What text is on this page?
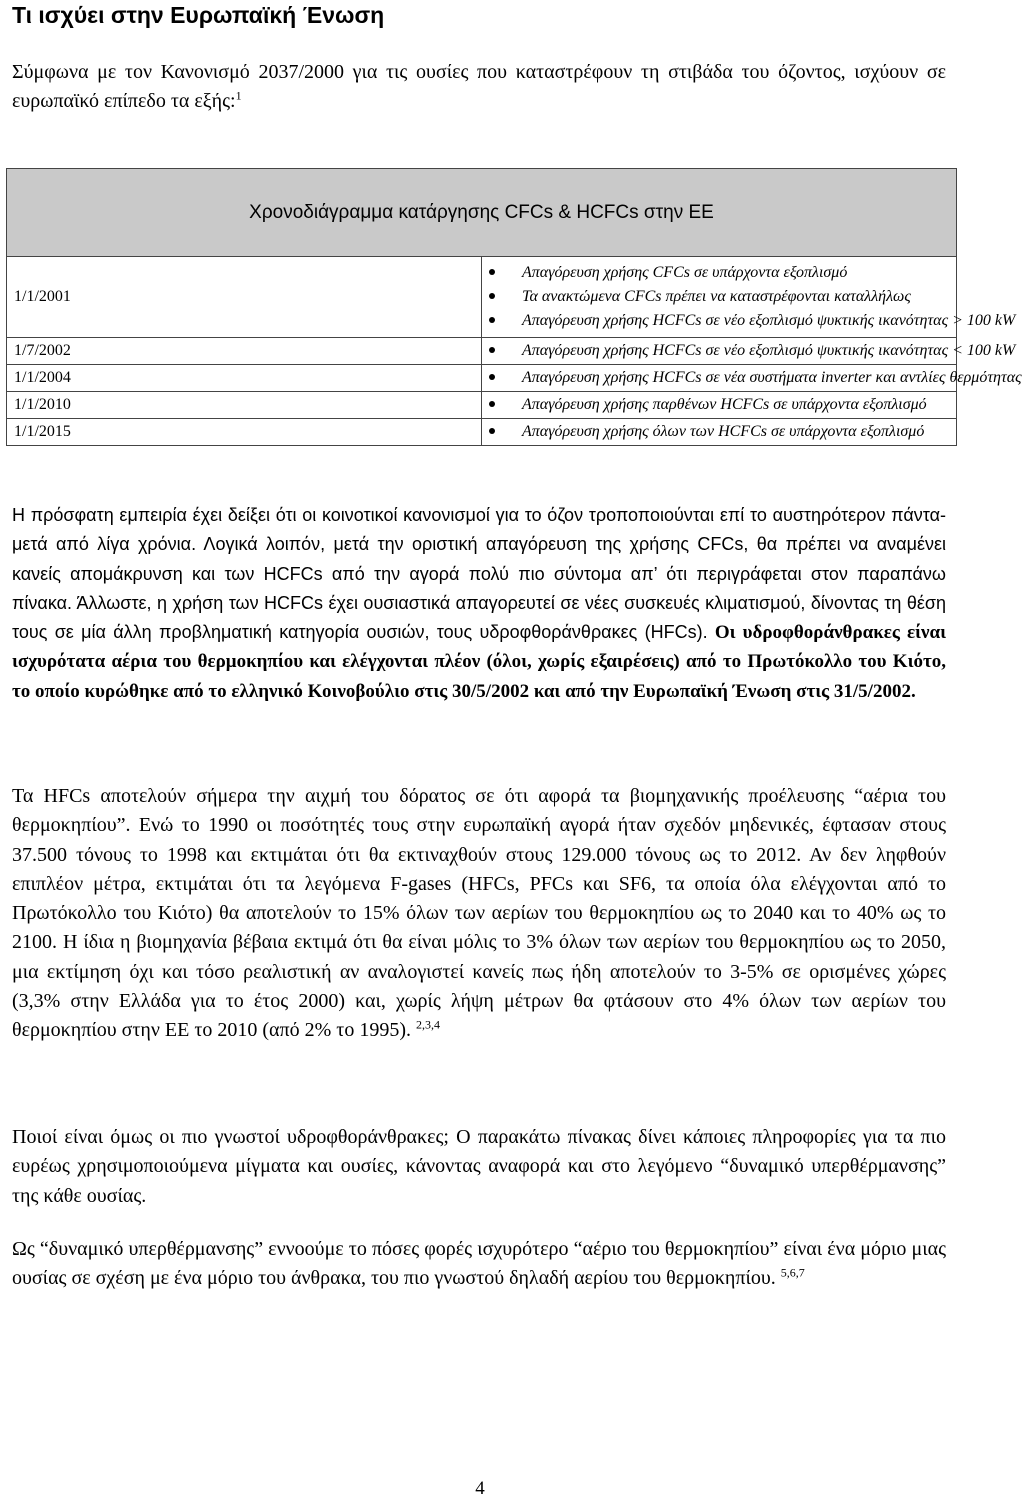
Τι ισχύει στην Ευρωπαϊκή Ένωση

Σύμφωνα με τον Κανονισμό 2037/2000 για τις ουσίες που καταστρέφουν τη στιβάδα του όζοντος, ισχύουν σε ευρωπαϊκό επίπεδο τα εξής:$^1$

Χρονοδιάγραμμα κατάργησης CFCs & HCFCs στην ΕΕ	
1/1/2001	Απαγόρευση χρήσης CFCs σε υπάρχοντα εξοπλισμό
Τα ανακτώμενα CFCs πρέπει να καταστρέφονται καταλλήλως
Απαγόρευση χρήσης HCFCs σε νέο εξοπλισμό ψυκτικής ικανότητας > 100 kW

1/7/2002	Απαγόρευση χρήσης HCFCs σε νέο εξοπλισμό ψυκτικής ικανότητας < 100 kW

1/1/2004	Απαγόρευση χρήσης HCFCs σε νέα συστήματα inverter και αντλίες θερμότητας

1/1/2010	Απαγόρευση χρήσης παρθένων HCFCs σε υπάρχοντα εξοπλισμό

1/1/2015	Απαγόρευση χρήσης όλων των HCFCs σε υπάρχοντα εξοπλισμό

Η πρόσφατη εμπειρία έχει δείξει ότι οι κοινοτικοί κανονισμοί για το όζον τροποποιούνται επί το αυστηρότερον πάντα- μετά από λίγα χρόνια. Λογικά λοιπόν, μετά την οριστική απαγόρευση της χρήσης CFCs, θα πρέπει να αναμένει κανείς απομάκρυνση και των HCFCs από την αγορά πολύ πιο σύντομα απ’ ότι περιγράφεται στον παραπάνω πίνακα. Άλλωστε, η χρήση των HCFCs έχει ουσιαστικά απαγορευτεί σε νέες συσκευές κλιματισμού, δίνοντας τη θέση τους σε μία άλλη προβληματική κατηγορία ουσιών, τους υδροφθοράνθρακες (HFCs). Οι υδροφθοράνθρακες είναι ισχυρότατα αέρια του θερμοκηπίου και ελέγχονται πλέον (όλοι, χωρίς εξαιρέσεις) από το Πρωτόκολλο του Κιότο, το οποίο κυρώθηκε από το ελληνικό Κοινοβούλιο στις 30/5/2002 και από την Ευρωπαϊκή Ένωση στις 31/5/2002.

Τα HFCs αποτελούν σήμερα την αιχμή του δόρατος σε ότι αφορά τα βιομηχανικής προέλευσης “αέρια του θερμοκηπίου”. Ενώ το 1990 οι ποσότητές τους στην ευρωπαϊκή αγορά ήταν σχεδόν μηδενικές, έφτασαν στους 37.500 τόνους το 1998 και εκτιμάται ότι θα εκτιναχθούν στους 129.000 τόνους ως το 2012. Αν δεν ληφθούν επιπλέον μέτρα, εκτιμάται ότι τα λεγόμενα F-gases (HFCs, PFCs και SF6, τα οποία όλα ελέγχονται από το Πρωτόκολλο του Κιότο) θα αποτελούν το 15% όλων των αερίων του θερμοκηπίου ως το 2040 και το 40% ως το 2100. Η ίδια η βιομηχανία βέβαια εκτιμά ότι θα είναι μόλις το 3% όλων των αερίων του θερμοκηπίου ως το 2050, μια εκτίμηση όχι και τόσο ρεαλιστική αν αναλογιστεί κανείς πως ήδη αποτελούν το 3-5% σε ορισμένες χώρες (3,3% στην Ελλάδα για το έτος 2000) και, χωρίς λήψη μέτρων θα φτάσουν στο 4% όλων των αερίων του θερμοκηπίου στην ΕΕ το 2010 (από 2% το 1995). $^{2,3,4}$

Ποιοί είναι όμως οι πιο γνωστοί υδροφθοράνθρακες; Ο παρακάτω πίνακας δίνει κάποιες πληροφορίες για τα πιο ευρέως χρησιμοποιούμενα μίγματα και ουσίες, κάνοντας αναφορά και στο λεγόμενο “δυναμικό υπερθέρμανσης” της κάθε ουσίας.

Ως “δυναμικό υπερθέρμανσης” εννοούμε το πόσες φορές ισχυρότερο “αέριο του θερμοκηπίου” είναι ένα μόριο μιας ουσίας σε σχέση με ένα μόριο του άνθρακα, του πιο γνωστού δηλαδή αερίου του θερμοκηπίου. $^{5,6,7}$

4
